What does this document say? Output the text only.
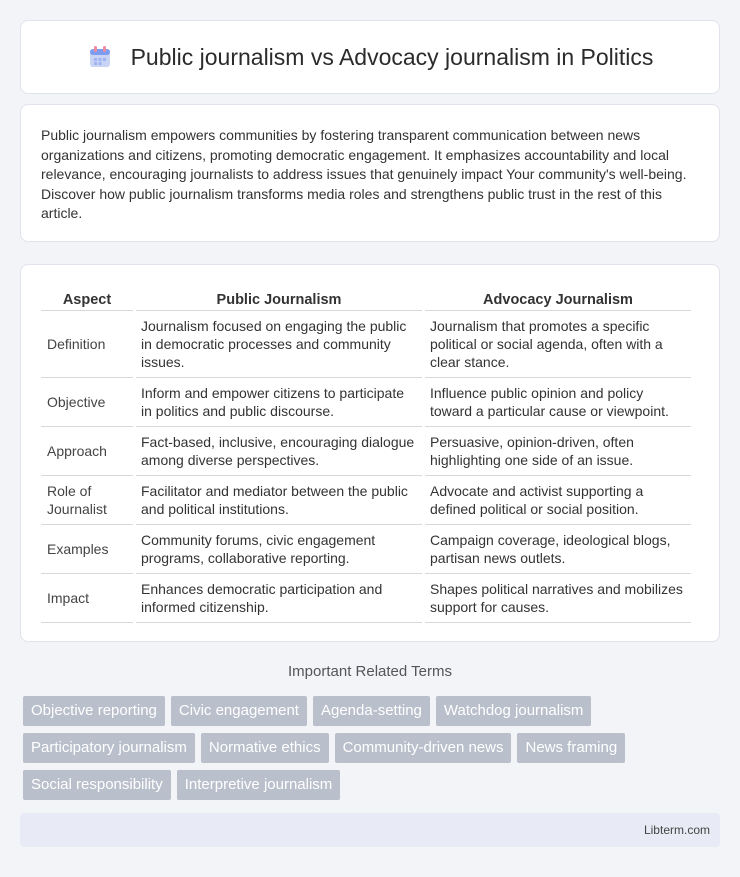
Public journalism vs Advocacy journalism in Politics

Public journalism empowers communities by fostering transparent communication between news organizations and citizens, promoting democratic engagement. It emphasizes accountability and local relevance, encouraging journalists to address issues that genuinely impact Your community's well-being. Discover how public journalism transforms media roles and strengthens public trust in the rest of this article.

Aspect	Public Journalism	Advocacy Journalism
Definition	Journalism focused on engaging the public in democratic processes and community issues.	Journalism that promotes a specific political or social agenda, often with a clear stance.
Objective	Inform and empower citizens to participate in politics and public discourse.	Influence public opinion and policy toward a particular cause or viewpoint.
Approach	Fact-based, inclusive, encouraging dialogue among diverse perspectives.	Persuasive, opinion-driven, often highlighting one side of an issue.
Role of Journalist	Facilitator and mediator between the public and political institutions.	Advocate and activist supporting a defined political or social position.
Examples	Community forums, civic engagement programs, collaborative reporting.	Campaign coverage, ideological blogs, partisan news outlets.
Impact	Enhances democratic participation and informed citizenship.	Shapes political narratives and mobilizes support for causes.
Important Related Terms
Objective reporting	Civic engagement	Agenda-setting	Watchdog journalism
Participatory journalism	Normative ethics	Community-driven news	News framing
Social responsibility	Interpretive journalism
Libterm.com
